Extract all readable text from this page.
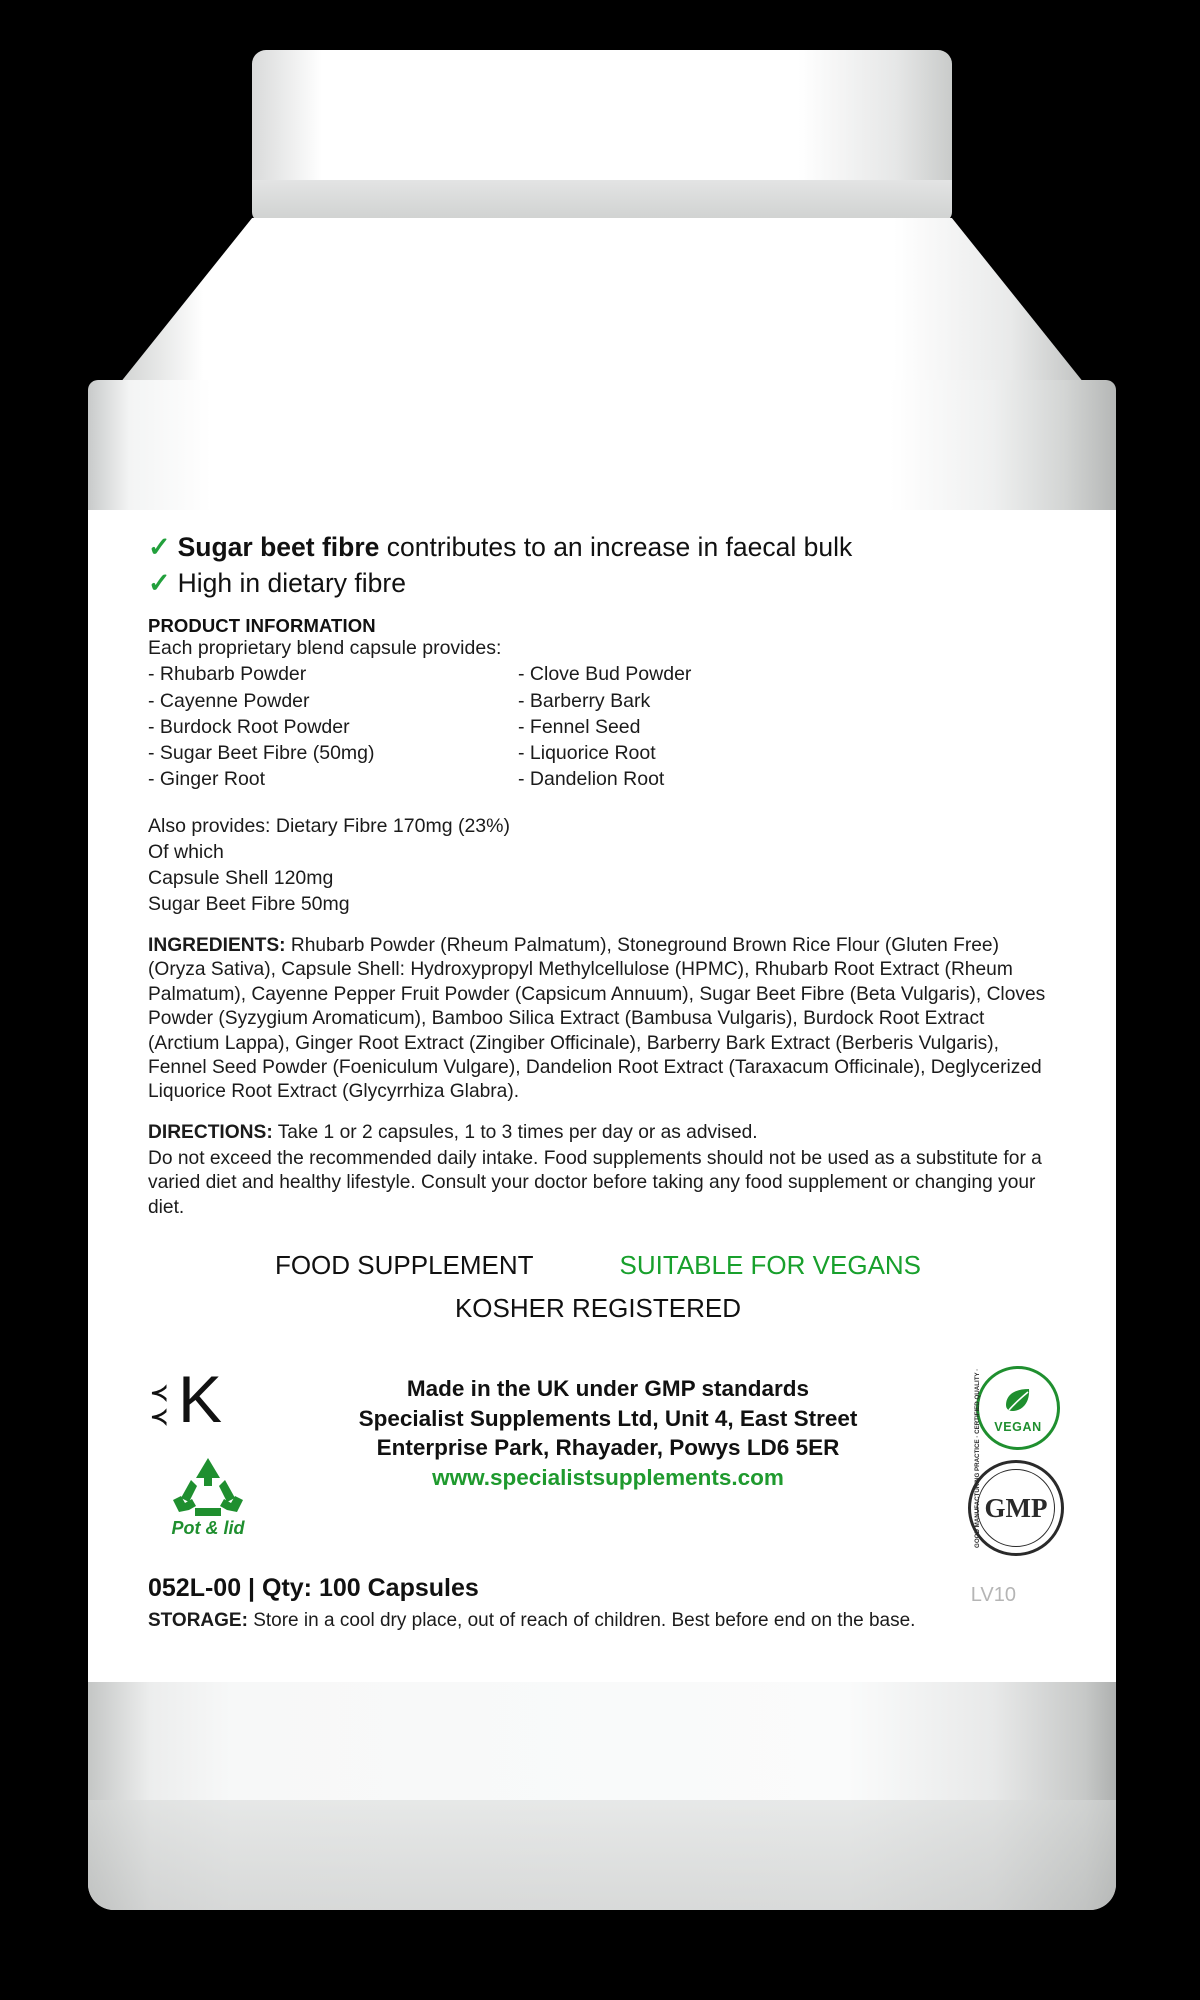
✓ Sugar beet fibre contributes to an increase in faecal bulk
✓ High in dietary fibre
PRODUCT INFORMATION
Each proprietary blend capsule provides:
- Rhubarb Powder
- Cayenne Powder
- Burdock Root Powder
- Sugar Beet Fibre (50mg)
- Ginger Root
- Clove Bud Powder
- Barberry Bark
- Fennel Seed
- Liquorice Root
- Dandelion Root
Also provides: Dietary Fibre 170mg (23%)
Of which
Capsule Shell 120mg
Sugar Beet Fibre 50mg
INGREDIENTS: Rhubarb Powder (Rheum Palmatum), Stoneground Brown Rice Flour (Gluten Free) (Oryza Sativa), Capsule Shell: Hydroxypropyl Methylcellulose (HPMC), Rhubarb Root Extract (Rheum Palmatum), Cayenne Pepper Fruit Powder (Capsicum Annuum), Sugar Beet Fibre (Beta Vulgaris), Cloves Powder (Syzygium Aromaticum), Bamboo Silica Extract (Bambusa Vulgaris), Burdock Root Extract (Arctium Lappa), Ginger Root Extract (Zingiber Officinale), Barberry Bark Extract (Berberis Vulgaris), Fennel Seed Powder (Foeniculum Vulgare), Dandelion Root Extract (Taraxacum Officinale), Deglycerized Liquorice Root Extract (Glycyrrhiza Glabra).
DIRECTIONS: Take 1 or 2 capsules, 1 to 3 times per day or as advised.
Do not exceed the recommended daily intake. Food supplements should not be used as a substitute for a varied diet and healthy lifestyle. Consult your doctor before taking any food supplement or changing your diet.
FOOD SUPPLEMENT	SUITABLE FOR VEGANS
KOSHER REGISTERED
≺
≺ K
Pot & lid
Made in the UK under GMP standards
Specialist Supplements Ltd, Unit 4, East Street
Enterprise Park, Rhayader, Powys LD6 5ER
www.specialistsupplements.com
VEGAN
GOOD MANUFACTURING PRACTICE · CERTIFIED QUALITY · GMP
052L-00 | Qty: 100 Capsules	LV10
STORAGE: Store in a cool dry place, out of reach of children. Best before end on the base.
